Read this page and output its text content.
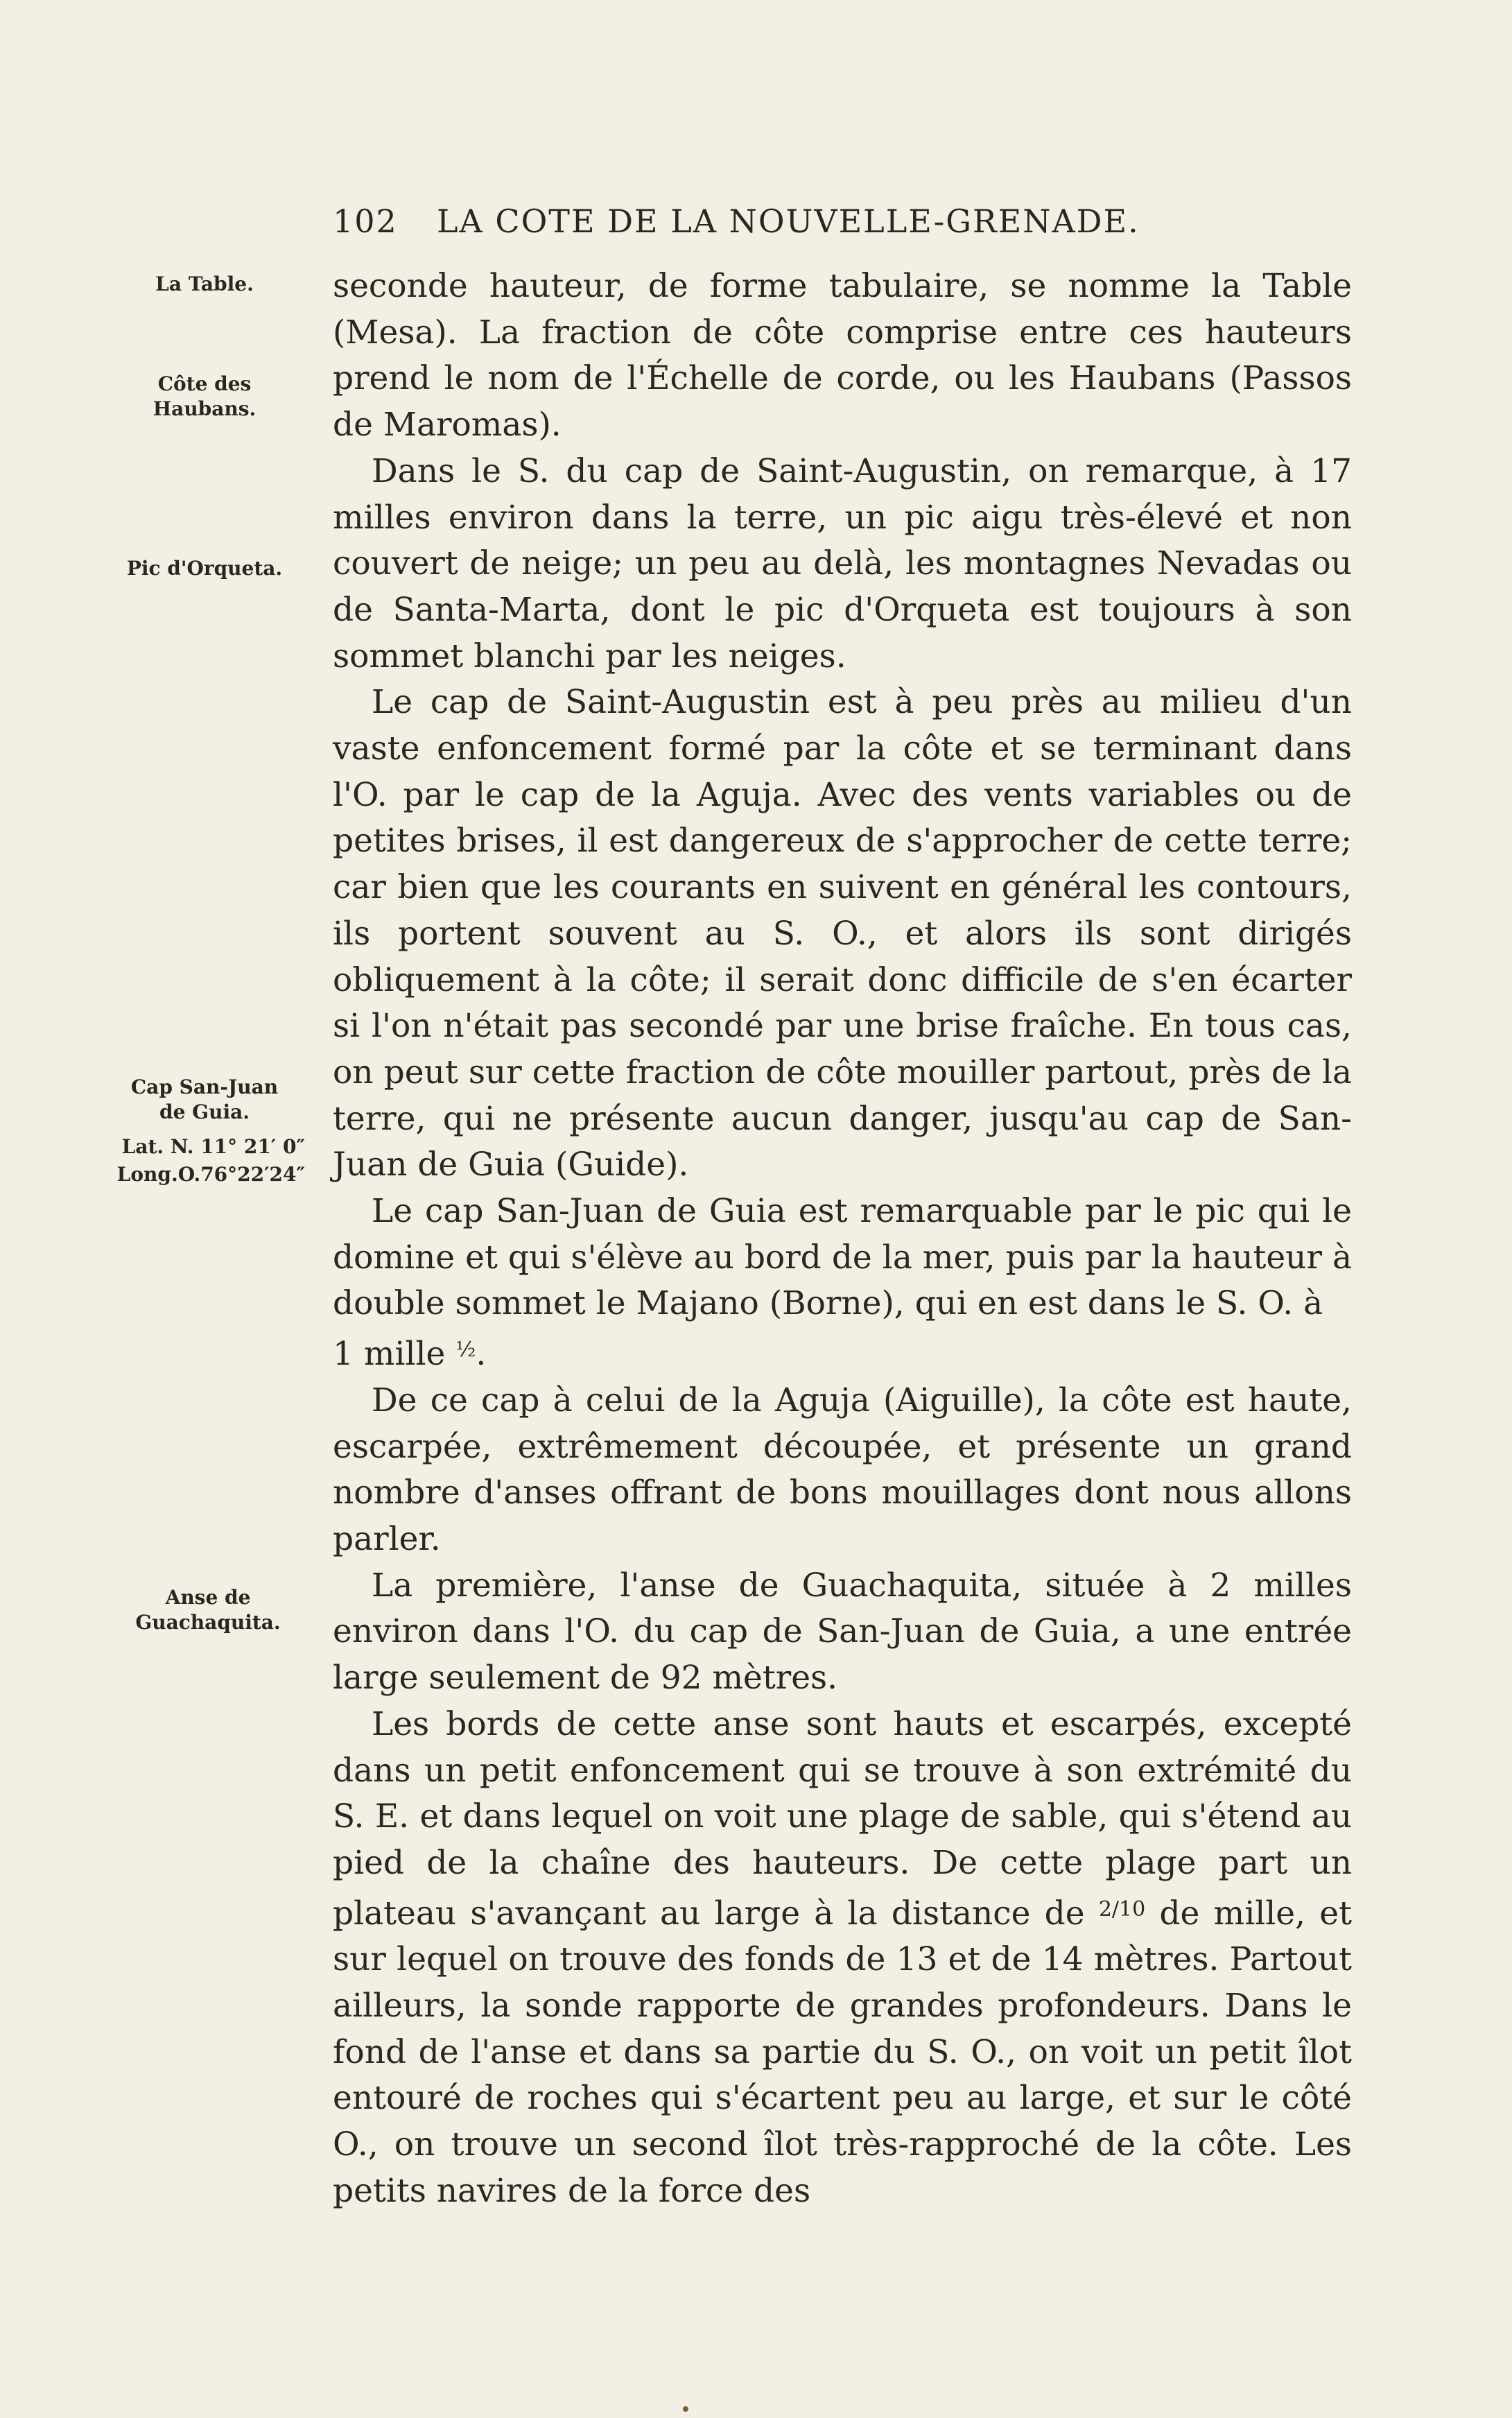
102 LA COTE DE LA NOUVELLE-GRENADE.
La Table.
Côte des Haubans.
Pic d'Orqueta.
Cap San-Juan de Guia.
Lat. N. 11° 21′ 0″
Long.O.76°22′24″
Anse de Guachaquita.

seconde hauteur, de forme tabulaire, se nomme la Table (Mesa). La fraction de côte comprise entre ces hauteurs prend le nom de l'Échelle de corde, ou les Haubans (Passos de Maromas).

Dans le S. du cap de Saint-Augustin, on remarque, à 17 milles environ dans la terre, un pic aigu très-élevé et non couvert de neige; un peu au delà, les montagnes Nevadas ou de Santa-Marta, dont le pic d'Orqueta est toujours à son sommet blanchi par les neiges.

Le cap de Saint-Augustin est à peu près au milieu d'un vaste enfoncement formé par la côte et se terminant dans l'O. par le cap de la Aguja. Avec des vents variables ou de petites brises, il est dangereux de s'approcher de cette terre; car bien que les courants en suivent en général les contours, ils portent souvent au S. O., et alors ils sont dirigés obliquement à la côte; il serait donc difficile de s'en écarter si l'on n'était pas secondé par une brise fraîche. En tous cas, on peut sur cette fraction de côte mouiller partout, près de la terre, qui ne présente aucun danger, jusqu'au cap de San-Juan de Guia (Guide).

Le cap San-Juan de Guia est remarquable par le pic qui le domine et qui s'élève au bord de la mer, puis par la hauteur à double sommet le Majano (Borne), qui en est dans le S. O. à
1 mille $^{\frac{1}{2}}$.

De ce cap à celui de la Aguja (Aiguille), la côte est haute, escarpée, extrêmement découpée, et présente un grand nombre d'anses offrant de bons mouillages dont nous allons parler.

La première, l'anse de Guachaquita, située à 2 milles environ dans l'O. du cap de San-Juan de Guia, a une entrée large seulement de 92 mètres.

Les bords de cette anse sont hauts et escarpés, excepté dans un petit enfoncement qui se trouve à son extrémité du S. E. et dans lequel on voit une plage de sable, qui s'étend au pied de la chaîne des hauteurs. De cette plage part un plateau s'avançant au large à la distance de $^{2/10}$ de mille, et sur lequel on trouve des fonds de 13 et de 14 mètres. Partout ailleurs, la sonde rapporte de grandes profondeurs. Dans le fond de l'anse et dans sa partie du S. O., on voit un petit îlot entouré de roches qui s'écartent peu au large, et sur le côté O., on trouve un second îlot très-rapproché de la côte. Les petits navires de la force des
